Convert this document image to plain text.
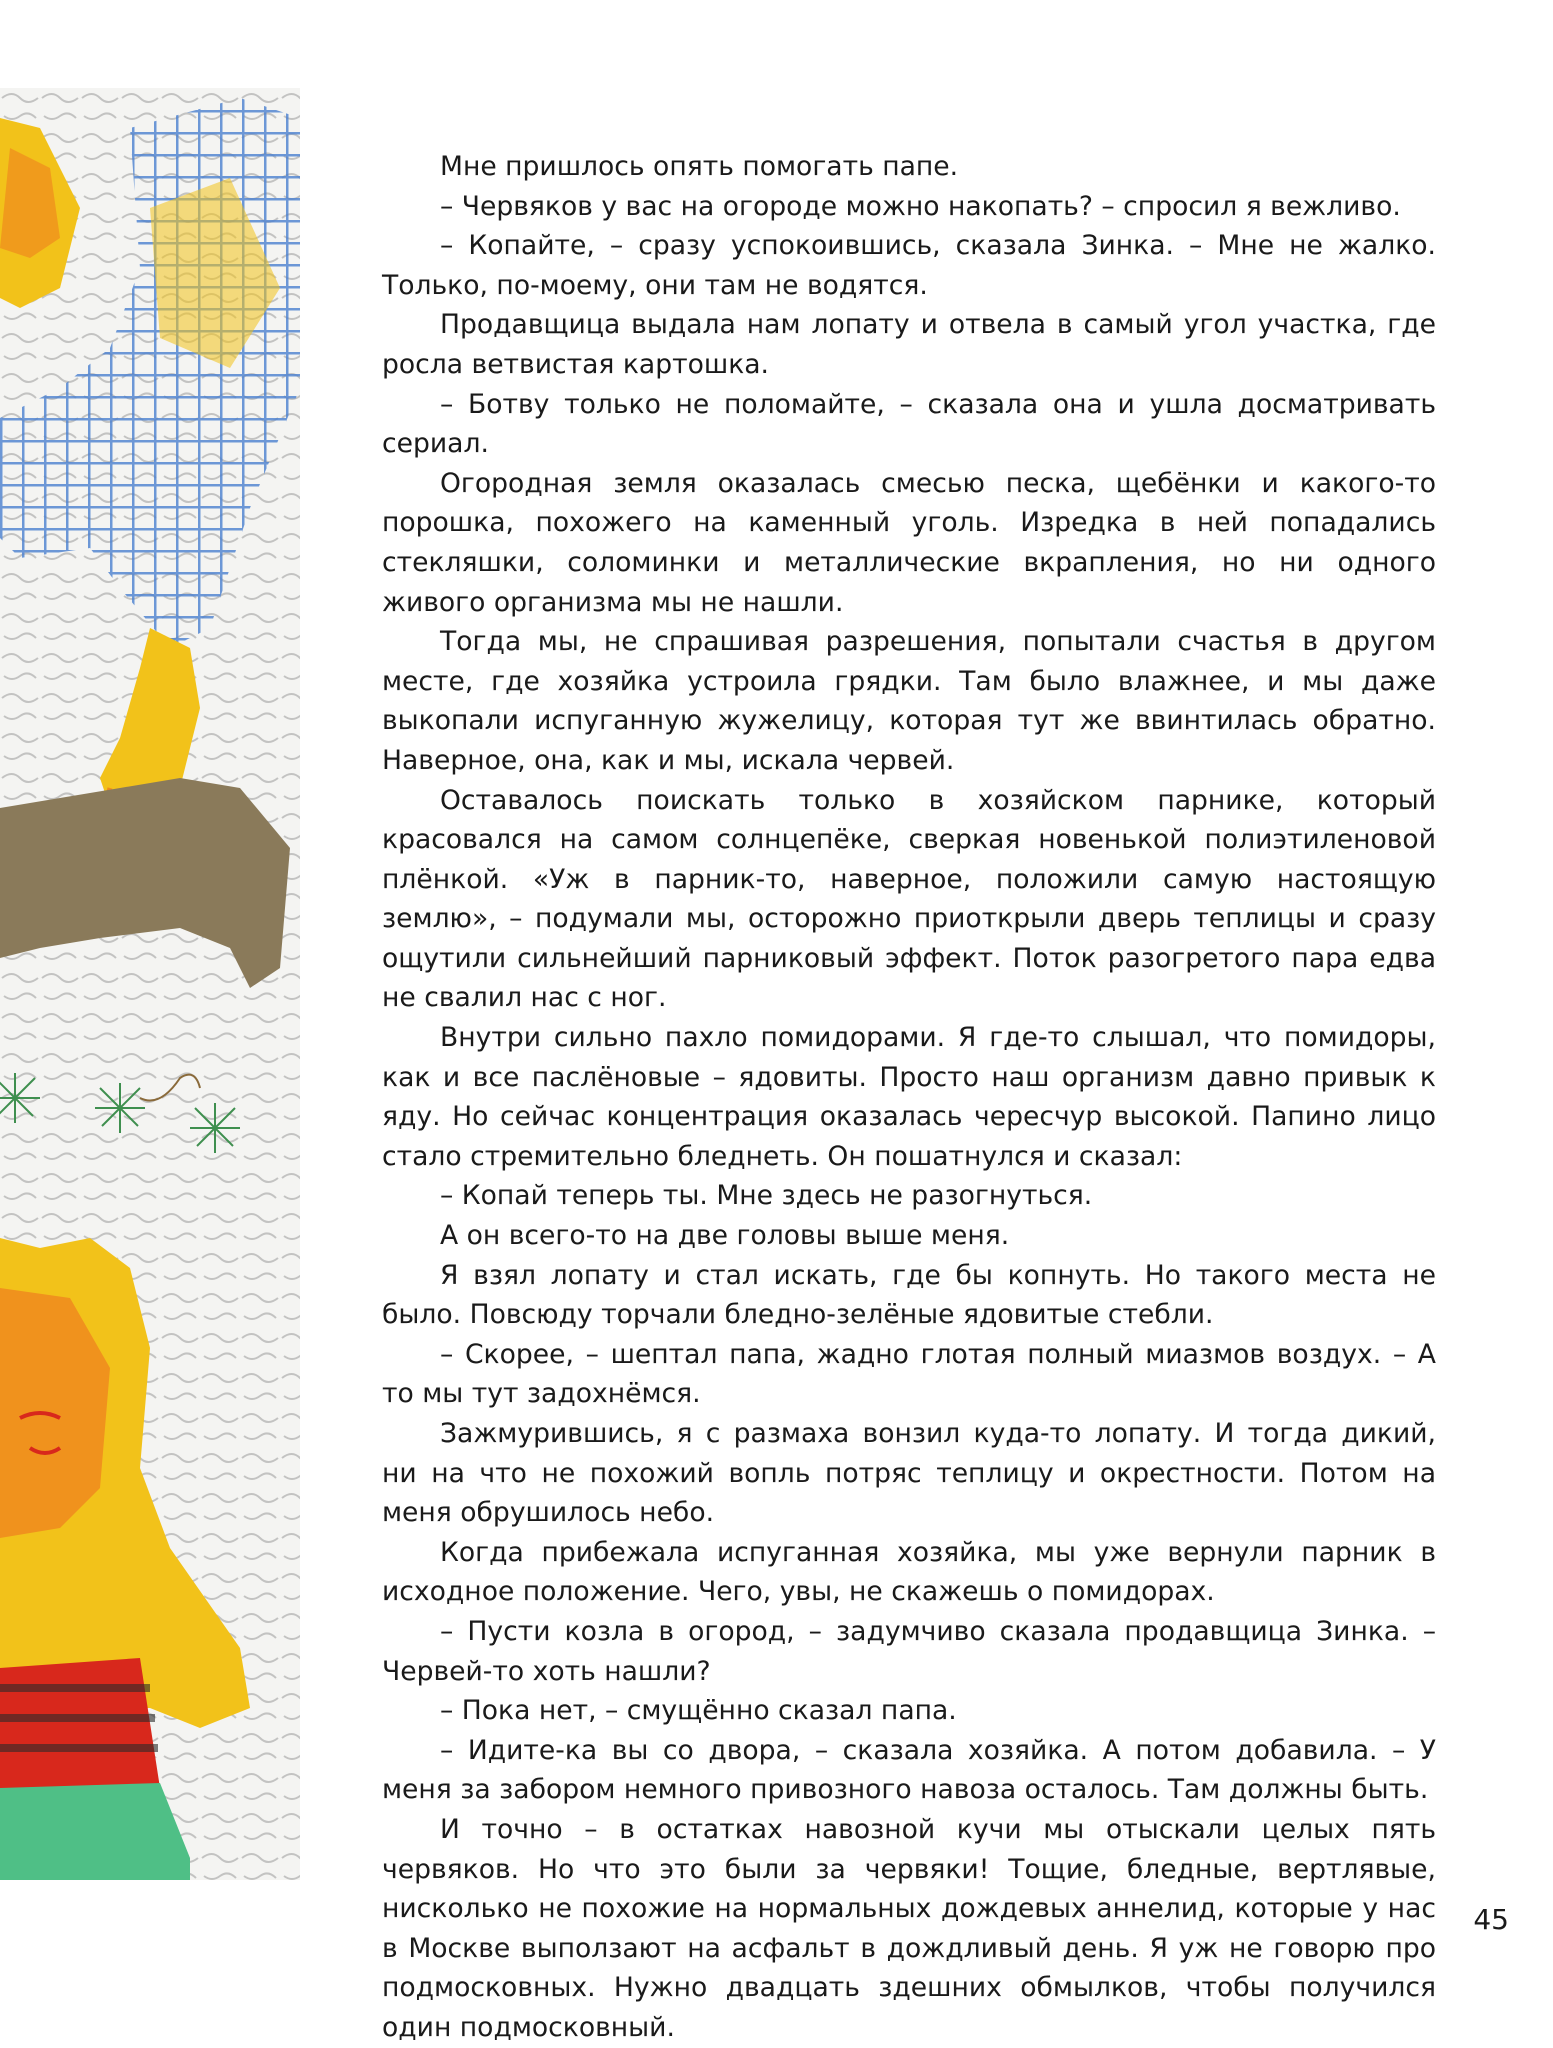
Мне пришлось опять помогать папе.

– Червяков у вас на огороде можно накопать? – спросил я вежливо.

– Копайте, – сразу успокоившись, сказала Зинка. – Мне не жалко. Только, по-моему, они там не водятся.

Продавщица выдала нам лопату и отвела в самый угол участка, где росла ветвистая картошка.

– Ботву только не поломайте, – сказала она и ушла досматривать сериал.

Огородная земля оказалась смесью песка, щебёнки и какого-то порошка, похожего на каменный уголь. Изредка в ней попадались стекляшки, соломинки и металлические вкрапления, но ни одного живого организма мы не нашли.

Тогда мы, не спрашивая разрешения, попытали счастья в другом месте, где хозяйка устроила грядки. Там было влажнее, и мы даже выкопали испуганную жужелицу, которая тут же ввинтилась обратно. Наверное, она, как и мы, искала червей.

Оставалось поискать только в хозяйском парнике, который красовался на самом солнцепёке, сверкая новенькой полиэтиленовой плёнкой. «Уж в парник-то, наверное, положили самую настоящую землю», – подумали мы, осторожно приоткрыли дверь теплицы и сразу ощутили сильнейший парниковый эффект. Поток разогретого пара едва не свалил нас с ног.

Внутри сильно пахло помидорами. Я где-то слышал, что помидоры, как и все паслёновые – ядовиты. Просто наш организм давно привык к яду. Но сейчас концентрация оказалась чересчур высокой. Папино лицо стало стремительно бледнеть. Он пошатнулся и сказал:

– Копай теперь ты. Мне здесь не разогнуться.

А он всего-то на две головы выше меня.

Я взял лопату и стал искать, где бы копнуть. Но такого места не было. Повсюду торчали бледно-зелёные ядовитые стебли.

– Скорее, – шептал папа, жадно глотая полный миазмов воздух. – А то мы тут задохнёмся.

Зажмурившись, я с размаха вонзил куда-то лопату. И тогда дикий, ни на что не похожий вопль потряс теплицу и окрестности. Потом на меня обрушилось небо.

Когда прибежала испуганная хозяйка, мы уже вернули парник в исходное положение. Чего, увы, не скажешь о помидорах.

– Пусти козла в огород, – задумчиво сказала продавщица Зинка. – Червей-то хоть нашли?

– Пока нет, – смущённо сказал папа.

– Идите-ка вы со двора, – сказала хозяйка. А потом добавила. – У меня за забором немного привозного навоза осталось. Там должны быть.

И точно – в остатках навозной кучи мы отыскали целых пять червяков. Но что это были за червяки! Тощие, бледные, вертлявые, нисколько не похожие на нормальных дождевых аннелид, которые у нас в Москве выползают на асфальт в дождливый день. Я уж не говорю про подмосковных. Нужно двадцать здешних обмылков, чтобы получился один подмосковный.

45
